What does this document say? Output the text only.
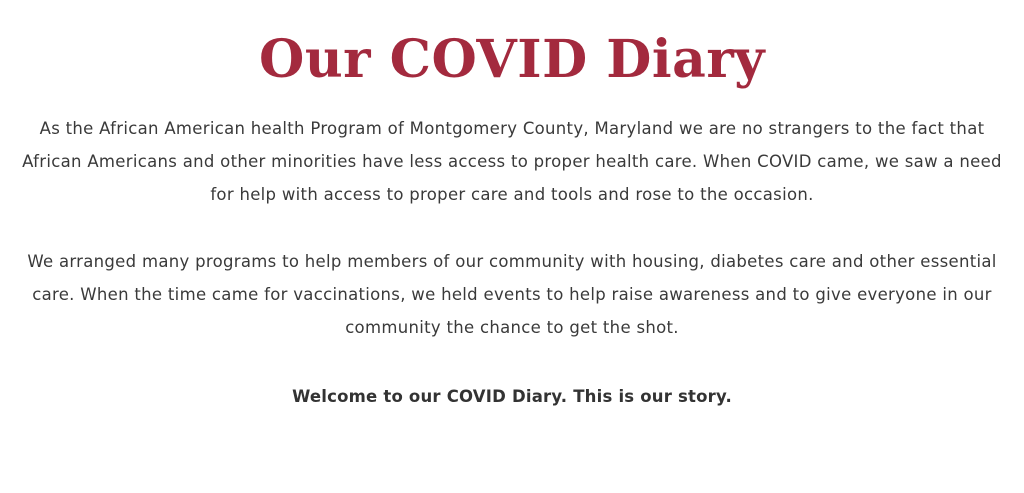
Our COVID Diary

As the African American health Program of Montgomery County, Maryland we are no strangers to the fact that African Americans and other minorities have less access to proper health care. When COVID came, we saw a need for help with access to proper care and tools and rose to the occasion.

We arranged many programs to help members of our community with housing, diabetes care and other essential care. When the time came for vaccinations, we held events to help raise awareness and to give everyone in our community the chance to get the shot.

Welcome to our COVID Diary. This is our story.
